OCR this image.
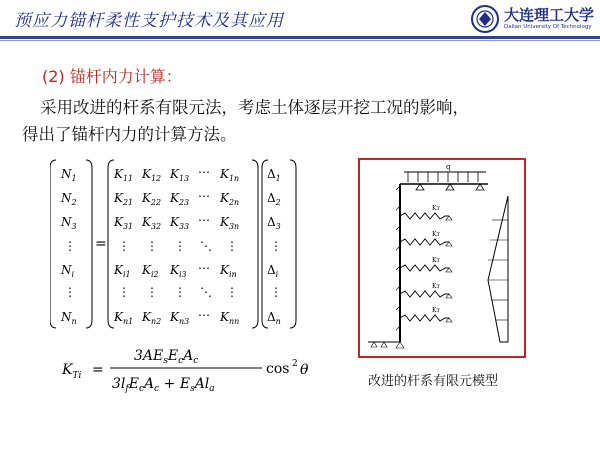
预应力锚杆柔性支护技术及其应用	大连理工大学
Dalian University Of Technology
(2) 锚杆内力计算：
采用改进的杆系有限元法，考虑土体逐层开挖工况的影响，
得出了锚杆内力的计算方法。
$N_1$
$N_2$
$N_3$
⋮
$N_i$
⋮
$N_n$
=
$K_{11}$ $K_{12}$ $K_{13}$ ⋯ $K_{1n}$
$K_{21}$ $K_{22}$ $K_{23}$ ⋯ $K_{2n}$
$K_{31}$ $K_{32}$ $K_{33}$ ⋯ $K_{3n}$
⋮ ⋮ ⋮ ⋱ ⋮
$K_{i1}$ $K_{i2}$ $K_{i3}$ ⋯ $K_{in}$
⋮ ⋮ ⋮ ⋱ ⋮
$K_{n1}$ $K_{n2}$ $K_{n3}$ ⋯ $K_{nn}$
$\Delta_1$
$\Delta_2$
$\Delta_3$
⋮
$\Delta_i$
⋮
$\Delta_n$
$K_{Ti}$ =
$3AE_sE_cA_c$
$3l_fE_cA_c + E_sAl_a$
cos 2 θ
q
Kт
Kт
Kт
Kт
Kт
改进的杆系有限元模型
